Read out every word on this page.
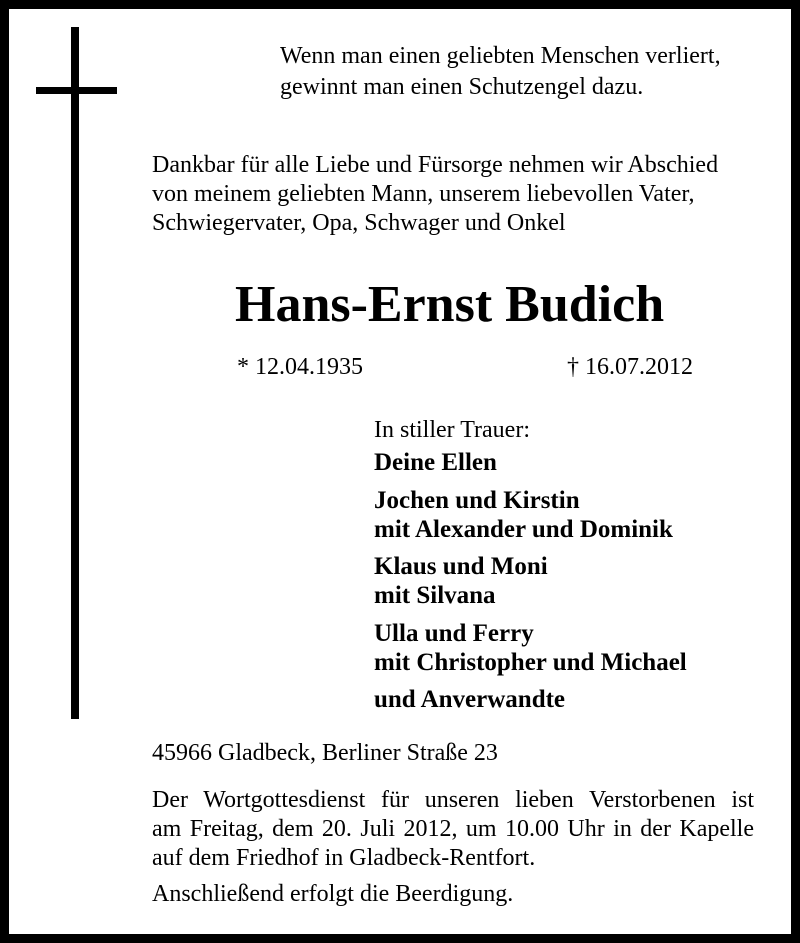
Wenn man einen geliebten Menschen verliert,
gewinnt man einen Schutzengel dazu.
Dankbar für alle Liebe und Fürsorge nehmen wir Abschied
von meinem geliebten Mann, unserem liebevollen Vater,
Schwiegervater, Opa, Schwager und Onkel
Hans-Ernst Budich
* 12.04.1935	† 16.07.2012
In stiller Trauer:
Deine Ellen
Jochen und Kirstin
mit Alexander und Dominik
Klaus und Moni
mit Silvana
Ulla und Ferry
mit Christopher und Michael
und Anverwandte
45966 Gladbeck, Berliner Straße 23
Der Wortgottesdienst für unseren lieben Verstorbenen ist
am Freitag, dem 20. Juli 2012, um 10.00 Uhr in der Kapelle
auf dem Friedhof in Gladbeck-Rentfort.
Anschließend erfolgt die Beerdigung.
